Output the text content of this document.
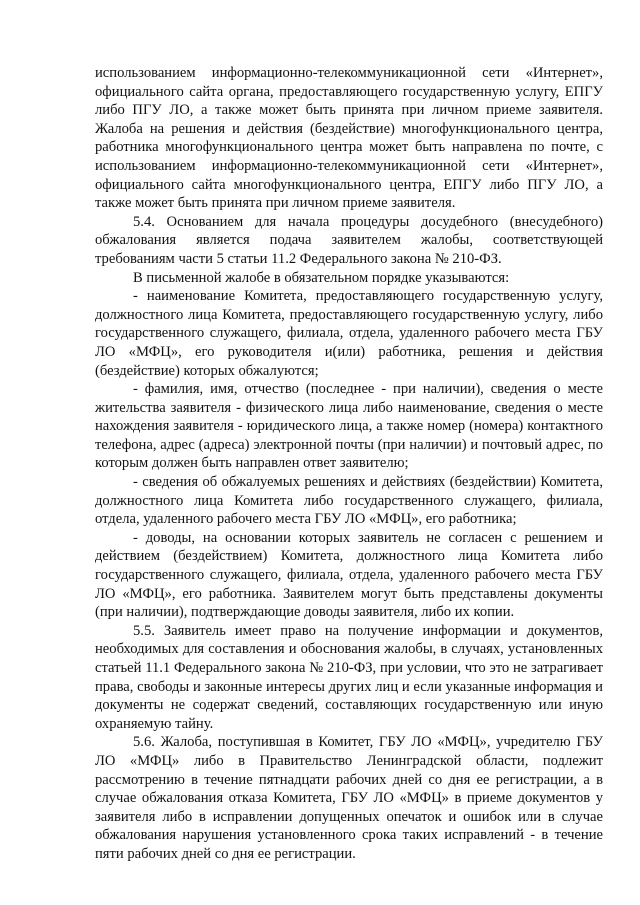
использованием информационно-телекоммуникационной сети «Интернет», официального сайта органа, предоставляющего государственную услугу, ЕПГУ либо ПГУ ЛО, а также может быть принята при личном приеме заявителя. Жалоба на решения и действия (бездействие) многофункционального центра, работника многофункционального центра может быть направлена по почте, с использованием информационно-телекоммуникационной сети «Интернет», официального сайта многофункционального центра, ЕПГУ либо ПГУ ЛО, а также может быть принята при личном приеме заявителя.

5.4. Основанием для начала процедуры досудебного (внесудебного) обжалования является подача заявителем жалобы, соответствующей требованиям части 5 статьи 11.2 Федерального закона № 210-ФЗ.

В письменной жалобе в обязательном порядке указываются:

- наименование Комитета, предоставляющего государственную услугу, должностного лица Комитета, предоставляющего государственную услугу, либо государственного служащего, филиала, отдела, удаленного рабочего места ГБУ ЛО «МФЦ», его руководителя и(или) работника, решения и действия (бездействие) которых обжалуются;

- фамилия, имя, отчество (последнее - при наличии), сведения о месте жительства заявителя - физического лица либо наименование, сведения о месте нахождения заявителя - юридического лица, а также номер (номера) контактного телефона, адрес (адреса) электронной почты (при наличии) и почтовый адрес, по которым должен быть направлен ответ заявителю;

- сведения об обжалуемых решениях и действиях (бездействии) Комитета, должностного лица Комитета либо государственного служащего, филиала, отдела, удаленного рабочего места ГБУ ЛО «МФЦ», его работника;

- доводы, на основании которых заявитель не согласен с решением и действием (бездействием) Комитета, должностного лица Комитета либо государственного служащего, филиала, отдела, удаленного рабочего места ГБУ ЛО «МФЦ», его работника. Заявителем могут быть представлены документы (при наличии), подтверждающие доводы заявителя, либо их копии.

5.5. Заявитель имеет право на получение информации и документов, необходимых для составления и обоснования жалобы, в случаях, установленных статьей 11.1 Федерального закона № 210-ФЗ, при условии, что это не затрагивает права, свободы и законные интересы других лиц и если указанные информация и документы не содержат сведений, составляющих государственную или иную охраняемую тайну.

5.6. Жалоба, поступившая в Комитет, ГБУ ЛО «МФЦ», учредителю ГБУ ЛО «МФЦ» либо в Правительство Ленинградской области, подлежит рассмотрению в течение пятнадцати рабочих дней со дня ее регистрации, а в случае обжалования отказа Комитета, ГБУ ЛО «МФЦ» в приеме документов у заявителя либо в исправлении допущенных опечаток и ошибок или в случае обжалования нарушения установленного срока таких исправлений - в течение пяти рабочих дней со дня ее регистрации.
